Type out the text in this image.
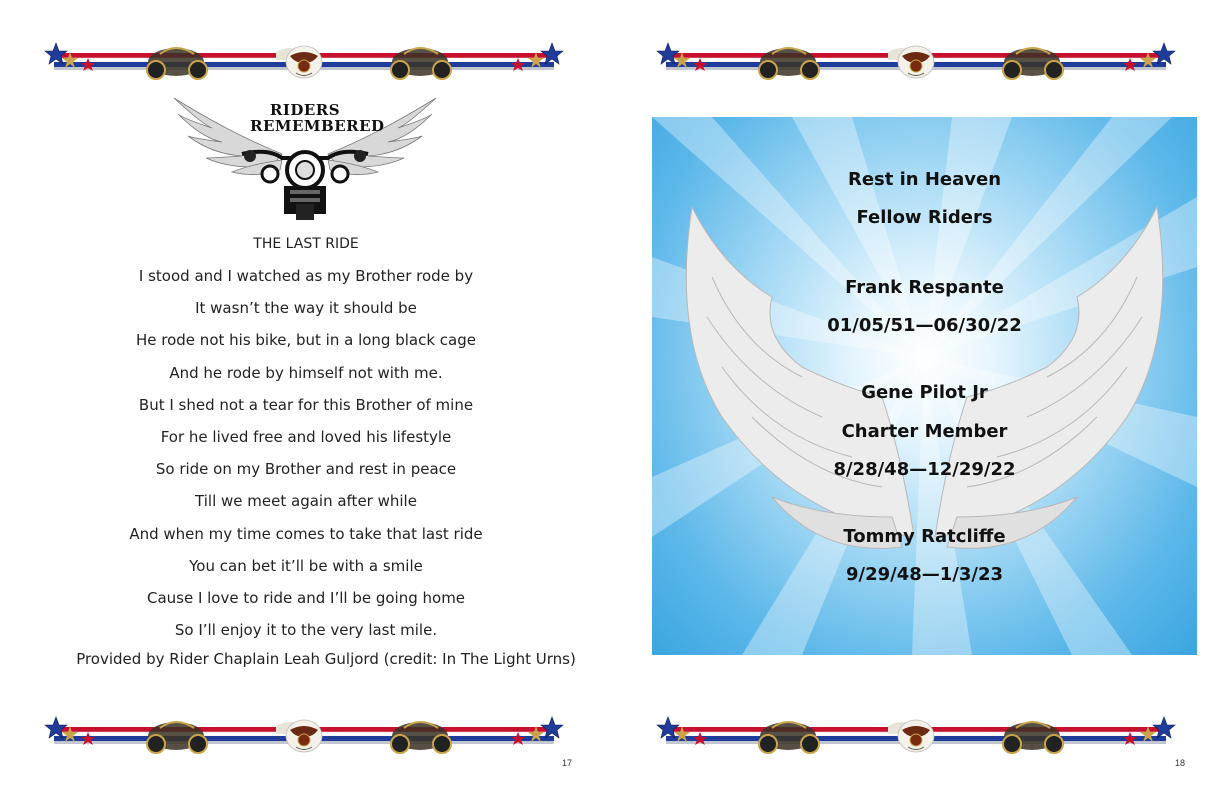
RIDERS
REMEMBERED
THE LAST RIDE
I stood and I watched as my Brother rode by
It wasn’t the way it should be
He rode not his bike, but in a long black cage
And he rode by himself not with me.
But I shed not a tear for this Brother of mine
For he lived free and loved his lifestyle
So ride on my Brother and rest in peace
Till we meet again after while
And when my time comes to take that last ride
You can bet it’ll be with a smile
Cause I love to ride and I’ll be going home
So I’ll enjoy it to the very last mile.
Provided by Rider Chaplain Leah Guljord (credit: In The Light Urns)
17
Rest in Heaven
Fellow Riders
Frank Respante
01/05/51—06/30/22
Gene Pilot Jr
Charter Member
8/28/48—12/29/22
Tommy Ratcliffe
9/29/48—1/3/23
18
